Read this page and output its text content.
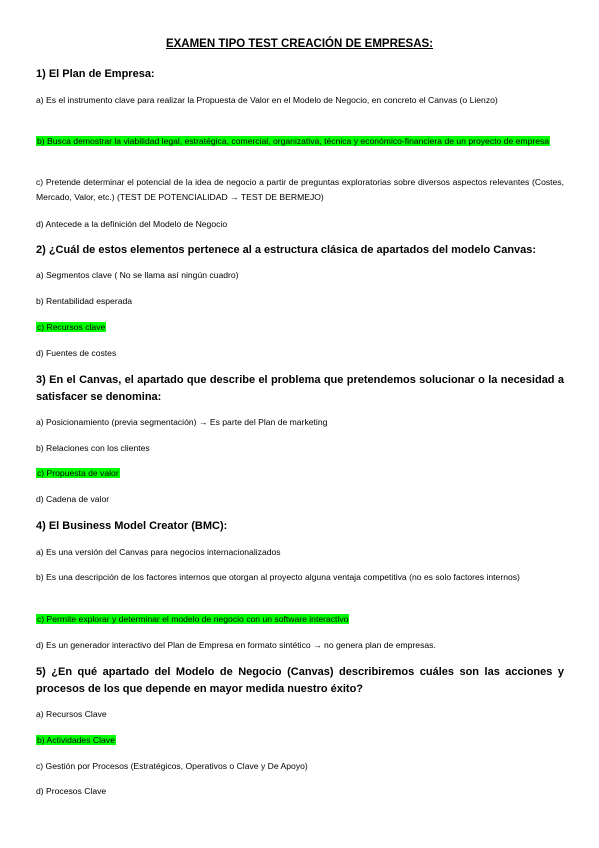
EXAMEN TIPO TEST CREACIÓN DE EMPRESAS:
1) El Plan de Empresa:
a) Es el instrumento clave para realizar la Propuesta de Valor en el Modelo de Negocio, en concreto el Canvas (o Lienzo)
b) Busca demostrar la viabilidad legal, estratégica, comercial, organizativa, técnica y económico-financiera de un proyecto de empresa
c) Pretende determinar el potencial de la idea de negocio a partir de preguntas exploratorias sobre diversos aspectos relevantes (Costes, Mercado, Valor, etc.) (TEST DE POTENCIALIDAD → TEST DE BERMEJO)
d) Antecede a la definición del Modelo de Negocio
2) ¿Cuál de estos elementos pertenece al a estructura clásica de apartados del modelo Canvas:
a) Segmentos clave ( No se llama así ningún cuadro)
b) Rentabilidad esperada
c) Recursos clave
d) Fuentes de costes
3) En el Canvas, el apartado que describe el problema que pretendemos solucionar o la necesidad a satisfacer se denomina:
a) Posicionamiento (previa segmentación) → Es parte del Plan de marketing
b) Relaciones con los clientes
c) Propuesta de valor
d) Cadena de valor
4) El Business Model Creator (BMC):
a) Es una versión del Canvas para negocios internacionalizados
b) Es una descripción de los factores internos que otorgan al proyecto alguna ventaja competitiva (no es solo factores internos)
c) Permite explorar y determinar el modelo de negocio con un software interactivo
d) Es un generador interactivo del Plan de Empresa en formato sintético → no genera plan de empresas.
5) ¿En qué apartado del Modelo de Negocio (Canvas) describiremos cuáles son las acciones y procesos de los que depende en mayor medida nuestro éxito?
a) Recursos Clave
b) Actividades Clave
c) Gestión por Procesos (Estratégicos, Operativos o Clave y De Apoyo)
d) Procesos Clave
